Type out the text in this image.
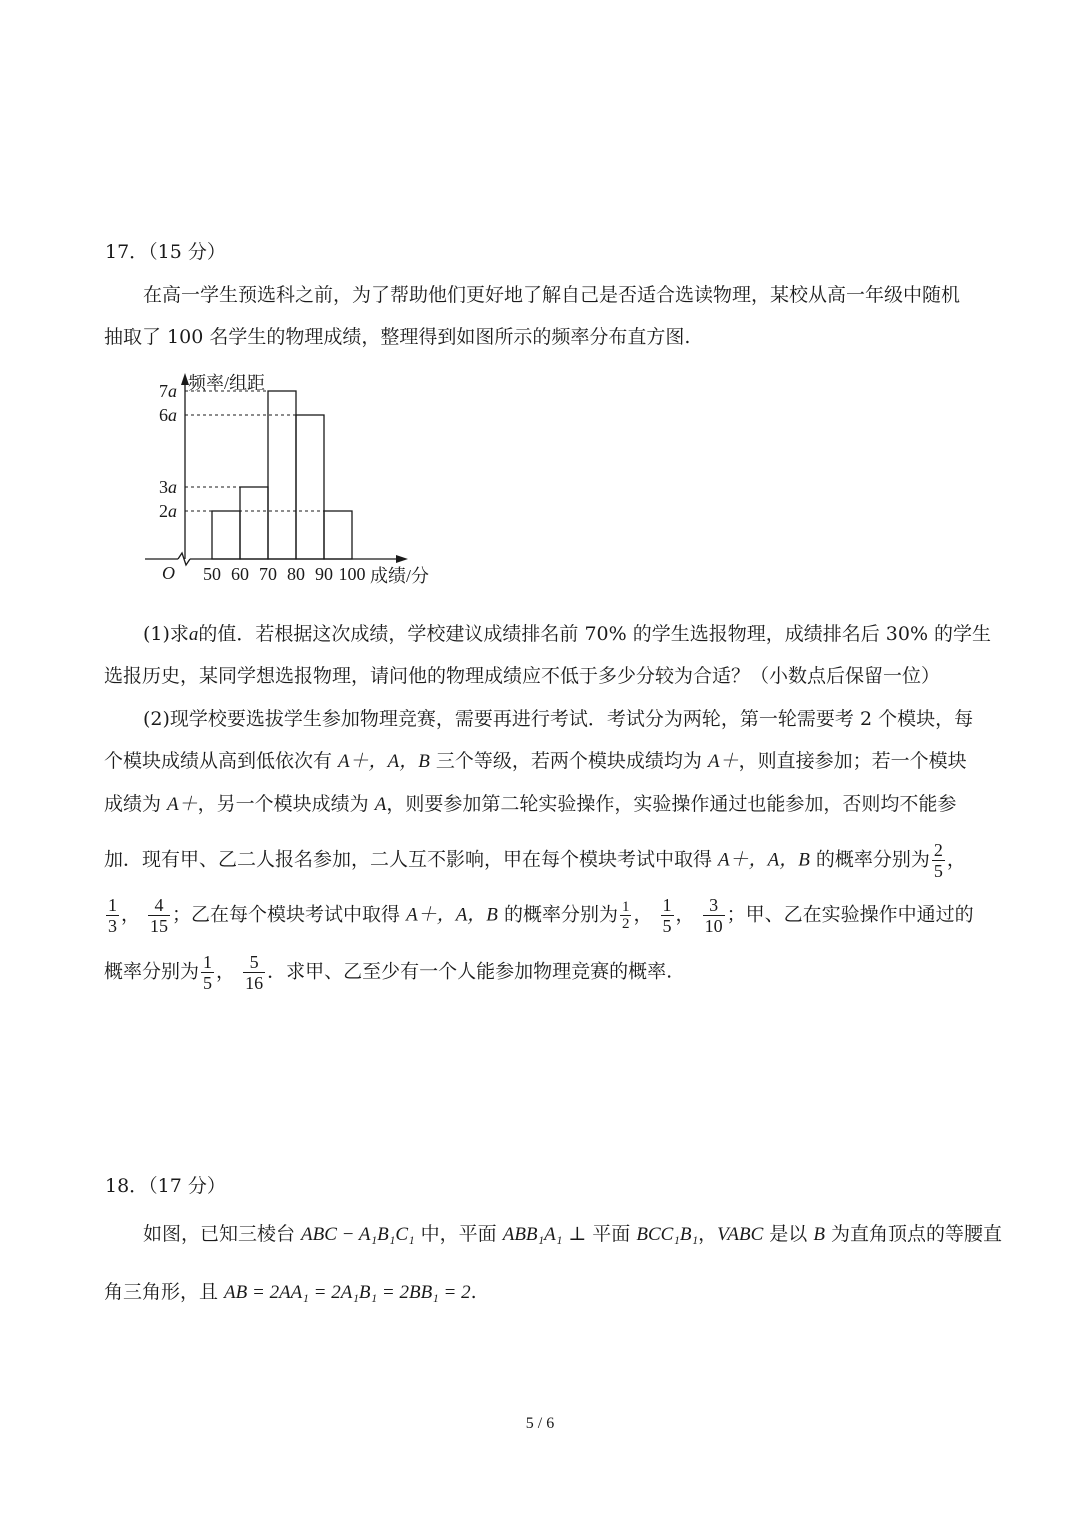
17．（15 分）
在高一学生预选科之前，为了帮助他们更好地了解自己是否适合选读物理，某校从高一年级中随机
抽取了 100 名学生的物理成绩，整理得到如图所示的频率分布直方图.
2a
3a
6a
7a
50 60 70 80 90 100
频率/组距
成绩/分
O
(1)求a的值．若根据这次成绩，学校建议成绩排名前 70% 的学生选报物理，成绩排名后 30% 的学生
选报历史，某同学想选报物理，请问他的物理成绩应不低于多少分较为合适？（小数点后保留一位）
(2)现学校要选拔学生参加物理竞赛，需要再进行考试．考试分为两轮，第一轮需要考 2 个模块，每
个模块成绩从高到低依次有 A＋，A，B 三个等级，若两个模块成绩均为 A＋，则直接参加；若一个模块
成绩为 A＋，另一个模块成绩为 A，则要参加第二轮实验操作，实验操作通过也能参加，否则均不能参
加．现有甲、乙二人报名参加，二人互不影响，甲在每个模块考试中取得 A＋，A，B 的概率分别为 $\frac{2}{5}$ ，
$\frac{1}{3}$ ， $\frac{4}{15}$ ；乙在每个模块考试中取得 A＋，A，B 的概率分别为 $\frac{1}{2}$ ， $\frac{1}{5}$ ， $\frac{3}{10}$ ；甲、乙在实验操作中通过的
概率分别为 $\frac{1}{5}$ ， $\frac{5}{16}$ ．求甲、乙至少有一个人能参加物理竞赛的概率.
18．（17 分）
如图，已知三棱台 ABC − A₁B₁C₁ 中，平面 ABB₁A₁ ⊥ 平面 BCC₁B₁，VABC 是以 B 为直角顶点的等腰直
角三角形，且 AB = 2AA₁ = 2A₁B₁ = 2BB₁ = 2.
5 / 6
